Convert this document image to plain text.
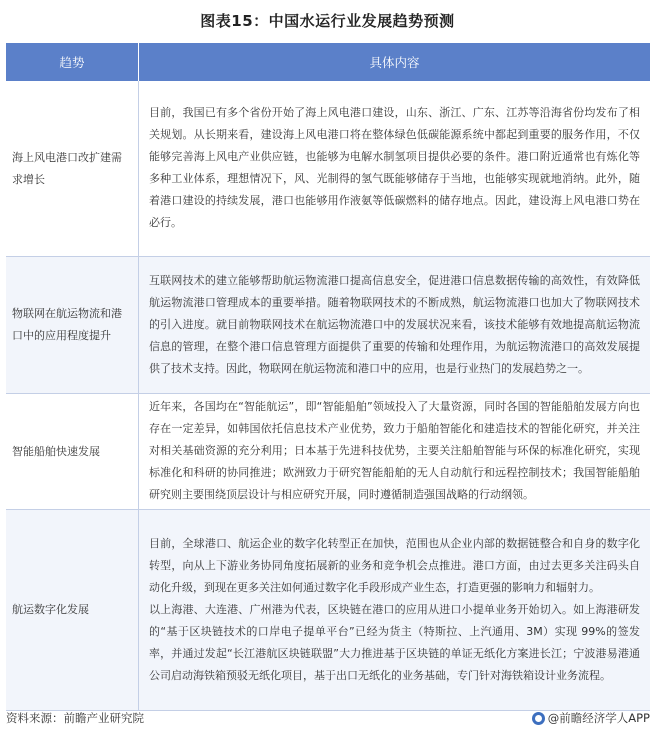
图表15：中国水运行业发展趋势预测
趋势	具体内容
海上风电港口改扩建需求增长	目前，我国已有多个省份开始了海上风电港口建设，山东、浙江、广东、江苏等沿海省份均发布了相关规划。从长期来看，建设海上风电港口将在整体绿色低碳能源系统中都起到重要的服务作用，不仅能够完善海上风电产业供应链，也能够为电解水制氢项目提供必要的条件。港口附近通常也有炼化等多种工业体系，理想情况下，风、光制得的氢气既能够储存于当地，也能够实现就地消纳。此外，随着港口建设的持续发展，港口也能够用作液氨等低碳燃料的储存地点。因此，建设海上风电港口势在必行。
物联网在航运物流和港口中的应用程度提升	互联网技术的建立能够帮助航运物流港口提高信息安全，促进港口信息数据传输的高效性，有效降低航运物流港口管理成本的重要举措。随着物联网技术的不断成熟，航运物流港口也加大了物联网技术的引入进度。就目前物联网技术在航运物流港口中的发展状况来看，该技术能够有效地提高航运物流信息的管理，在整个港口信息管理方面提供了重要的传输和处理作用，为航运物流港口的高效发展提供了技术支持。因此，物联网在航运物流和港口中的应用，也是行业热门的发展趋势之一。
智能船舶快速发展	近年来，各国均在“智能航运”，即“智能船舶”领域投入了大量资源，同时各国的智能船舶发展方向也存在一定差异，如韩国依托信息技术产业优势，致力于船舶智能化和建造技术的智能化研究，并关注对相关基础资源的充分利用；日本基于先进科技优势，主要关注船舶智能与环保的标准化研究，实现标准化和科研的协同推进；欧洲致力于研究智能船舶的无人自动航行和远程控制技术；我国智能船舶研究则主要围绕顶层设计与相应研究开展，同时遵循制造强国战略的行动纲领。
航运数字化发展	目前，全球港口、航运企业的数字化转型正在加快，范围也从企业内部的数据链整合和自身的数字化转型，向从上下游业务协同角度拓展新的业务和竞争机会点推进。港口方面，由过去更多关注码头自动化升级，到现在更多关注如何通过数字化手段形成产业生态，打造更强的影响力和辐射力。
以上海港、大连港、广州港为代表，区块链在港口的应用从进口小提单业务开始切入。如上海港研发的“基于区块链技术的口岸电子提单平台”已经为货主（特斯拉、上汽通用、3M）实现 99%的签发率，并通过发起“长江港航区块链联盟”大力推进基于区块链的单证无纸化方案进长江；宁波港易港通公司启动海铁箱预驳无纸化项目，基于出口无纸化的业务基础，专门针对海铁箱设计业务流程。
资料来源：前瞻产业研究院	@前瞻经济学人APP
